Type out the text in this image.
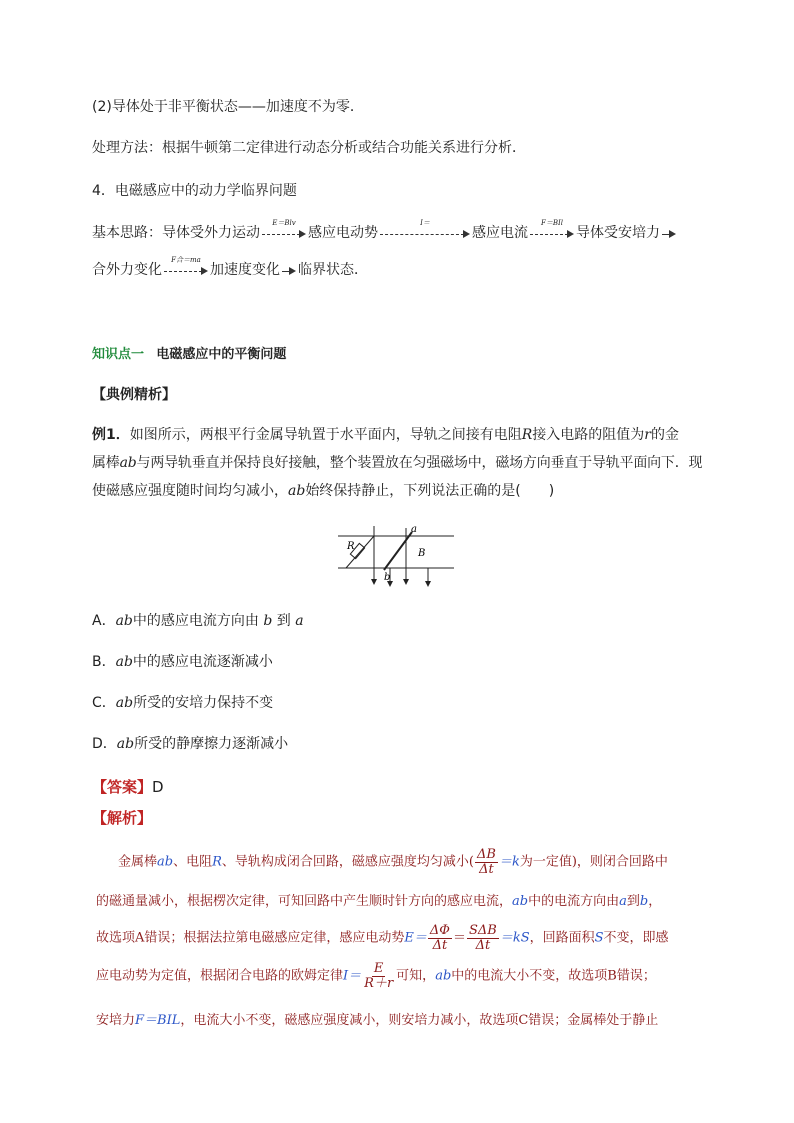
(2)导体处于非平衡状态——加速度不为零．
处理方法：根据牛顿第二定律进行动态分析或结合功能关系进行分析．
4．电磁感应中的动力学临界问题
基本思路：导体受外力运动
E＝Blv
感应电动势
I＝
感应电流
F＝BIl
导体受安培力
合外力变化
F合＝ma
加速度变化 临界状态．
知识点一 电磁感应中的平衡问题
【典例精析】
例1．如图所示，两根平行金属导轨置于水平面内，导轨之间接有电阻R接入电路的阻值为r的金
属棒ab与两导轨垂直并保持良好接触，整个装置放在匀强磁场中，磁场方向垂直于导轨平面向下．现
使磁感应强度随时间均匀减小，ab始终保持静止，下列说法正确的是(　　)
R
a
b
B
A．ab中的感应电流方向由 b 到 a
B．ab中的感应电流逐渐减小
C．ab所受的安培力保持不变
D．ab所受的静摩擦力逐渐减小
【答案】D
【解析】
金属棒ab、电阻R、导轨构成闭合回路，磁感应强度均匀减小( $\frac{\Delta B}{\Delta t} =k$为一定值)，则闭合回路中
的磁通量减小，根据楞次定律，可知回路中产生顺时针方向的感应电流，ab中的电流方向由a到b，
故选项A错误；根据法拉第电磁感应定律，感应电动势$E= \frac{\Delta\Phi}{\Delta t} = \frac{\text{SΔB}}{\Delta t} =kS$，回路面积S不变，即感
应电动势为定值，根据闭合电路的欧姆定律$I= \frac{E}{R+r}$ 可知，ab中的电流大小不变，故选项B错误；
安培力F＝BIL，电流大小不变，磁感应强度减小，则安培力减小，故选项C错误；金属棒处于静止
